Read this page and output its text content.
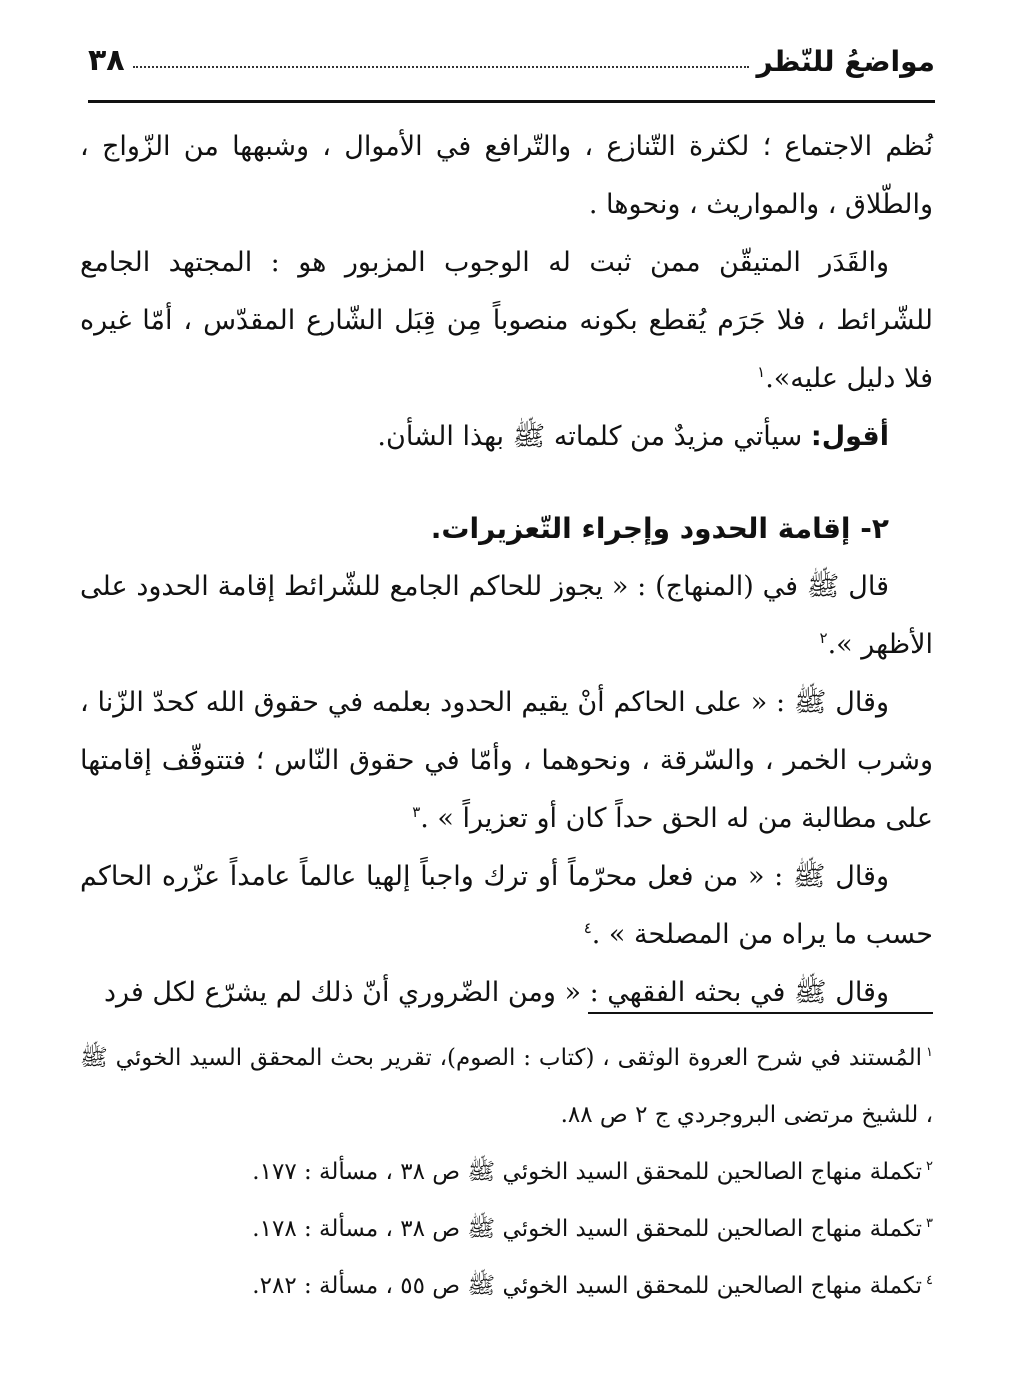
مواضعُ للنّظر
٣٨

نُظم الاجتماع ؛ لكثرة التّنازع ، والتّرافع في الأموال ، وشبهها من الزّواج ، والطّلاق ، والمواريث ، ونحوها .

والقَدَر المتيقّن ممن ثبت له الوجوب المزبور هو : المجتهد الجامع للشّرائط ، فلا جَرَم يُقطع بكونه منصوباً مِن قِبَل الشّارع المقدّس ، أمّا غيره فلا دليل عليه».$^١$

أقول: سيأتي مزيدٌ من كلماته ﷺ بهذا الشأن.

٢- إقامة الحدود وإجراء التّعزيرات.

قال ﷺ في (المنهاج) : « يجوز للحاكم الجامع للشّرائط إقامة الحدود على الأظهر ».$^٢$

وقال ﷺ : « على الحاكم أنْ يقيم الحدود بعلمه في حقوق الله كحدّ الزّنا ، وشرب الخمر ، والسّرقة ، ونحوهما ، وأمّا في حقوق النّاس ؛ فتتوقّف إقامتها على مطالبة من له الحق حداً كان أو تعزيراً » .$^٣$

وقال ﷺ : « من فعل محرّماً أو ترك واجباً إلهيا عالماً عامداً عزّره الحاكم حسب ما يراه من المصلحة » .$^٤$

وقال ﷺ في بحثه الفقهي : « ومن الضّروري أنّ ذلك لم يشرّع لكل فرد

$^١$المُستند في شرح العروة الوثقى ، (كتاب : الصوم)، تقرير بحث المحقق السيد الخوئي ﷺ ، للشيخ مرتضى البروجردي ج ٢ ص ٨٨.

$^٢$تكملة منهاج الصالحين للمحقق السيد الخوئي ﷺ ص ٣٨ ، مسألة : ١٧٧.

$^٣$تكملة منهاج الصالحين للمحقق السيد الخوئي ﷺ ص ٣٨ ، مسألة : ١٧٨.

$^٤$تكملة منهاج الصالحين للمحقق السيد الخوئي ﷺ ص ٥٥ ، مسألة : ٢٨٢.
